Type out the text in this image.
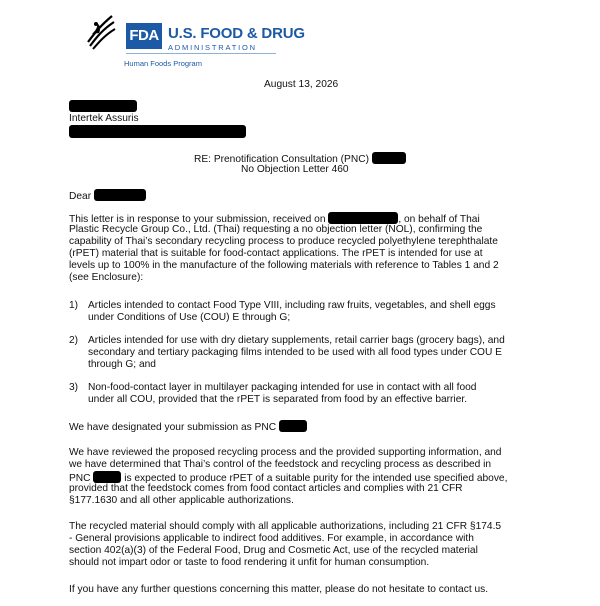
FDA U.S. FOOD & DRUG
ADMINISTRATION
Human Foods Program
August 13, 2026
Intertek Assuris
RE: Prenotification Consultation (PNC)
No Objection Letter 460
Dear
This letter is in response to your submission, received on	, on behalf of Thai
Plastic Recycle Group Co., Ltd. (Thai) requesting a no objection letter (NOL), confirming the
capability of Thai’s secondary recycling process to produce recycled polyethylene terephthalate
(rPET) material that is suitable for food-contact applications. The rPET is intended for use at
levels up to 100% in the manufacture of the following materials with reference to Tables 1 and 2
(see Enclosure):
1) Articles intended to contact Food Type VIII, including raw fruits, vegetables, and shell eggs
under Conditions of Use (COU) E through G;
2) Articles intended for use with dry dietary supplements, retail carrier bags (grocery bags), and
secondary and tertiary packaging films intended to be used with all food types under COU E
through G; and
3) Non-food-contact layer in multilayer packaging intended for use in contact with all food
under all COU, provided that the rPET is separated from food by an effective barrier.
We have designated your submission as PNC
We have reviewed the proposed recycling process and the provided supporting information, and
we have determined that Thai’s control of the feedstock and recycling process as described in
PNC	is expected to produce rPET of a suitable purity for the intended use specified above,
provided that the feedstock comes from food contact articles and complies with 21 CFR
§177.1630 and all other applicable authorizations.
The recycled material should comply with all applicable authorizations, including 21 CFR §174.5
- General provisions applicable to indirect food additives. For example, in accordance with
section 402(a)(3) of the Federal Food, Drug and Cosmetic Act, use of the recycled material
should not impart odor or taste to food rendering it unfit for human consumption.
If you have any further questions concerning this matter, please do not hesitate to contact us.
